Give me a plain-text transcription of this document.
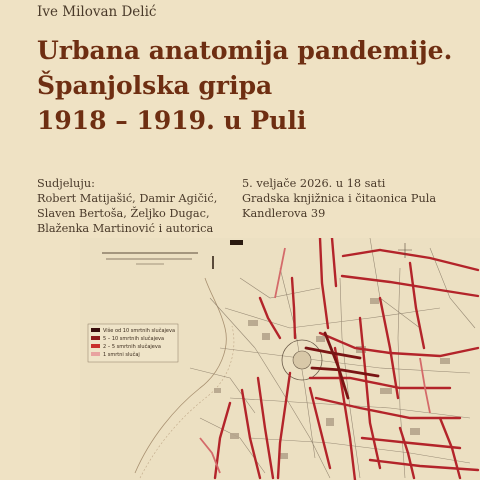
Ive Milovan Delić
Urbana anatomija pandemije.
Španjolska gripa
1918 – 1919. u Puli
Sudjeluju:
Robert Matijašić, Damir Agičić,
Slaven Bertoša, Željko Dugac,
Blaženka Martinović i autorica
5. veljače 2026. u 18 sati
Gradska knjižnica i čitaonica Pula
Kandlerova 39
Više od 10 smrtnih slučajeva
5 – 10 smrtnih slučajeva
2 – 5 smrtnih slučajeva
1 smrtni slučaj
